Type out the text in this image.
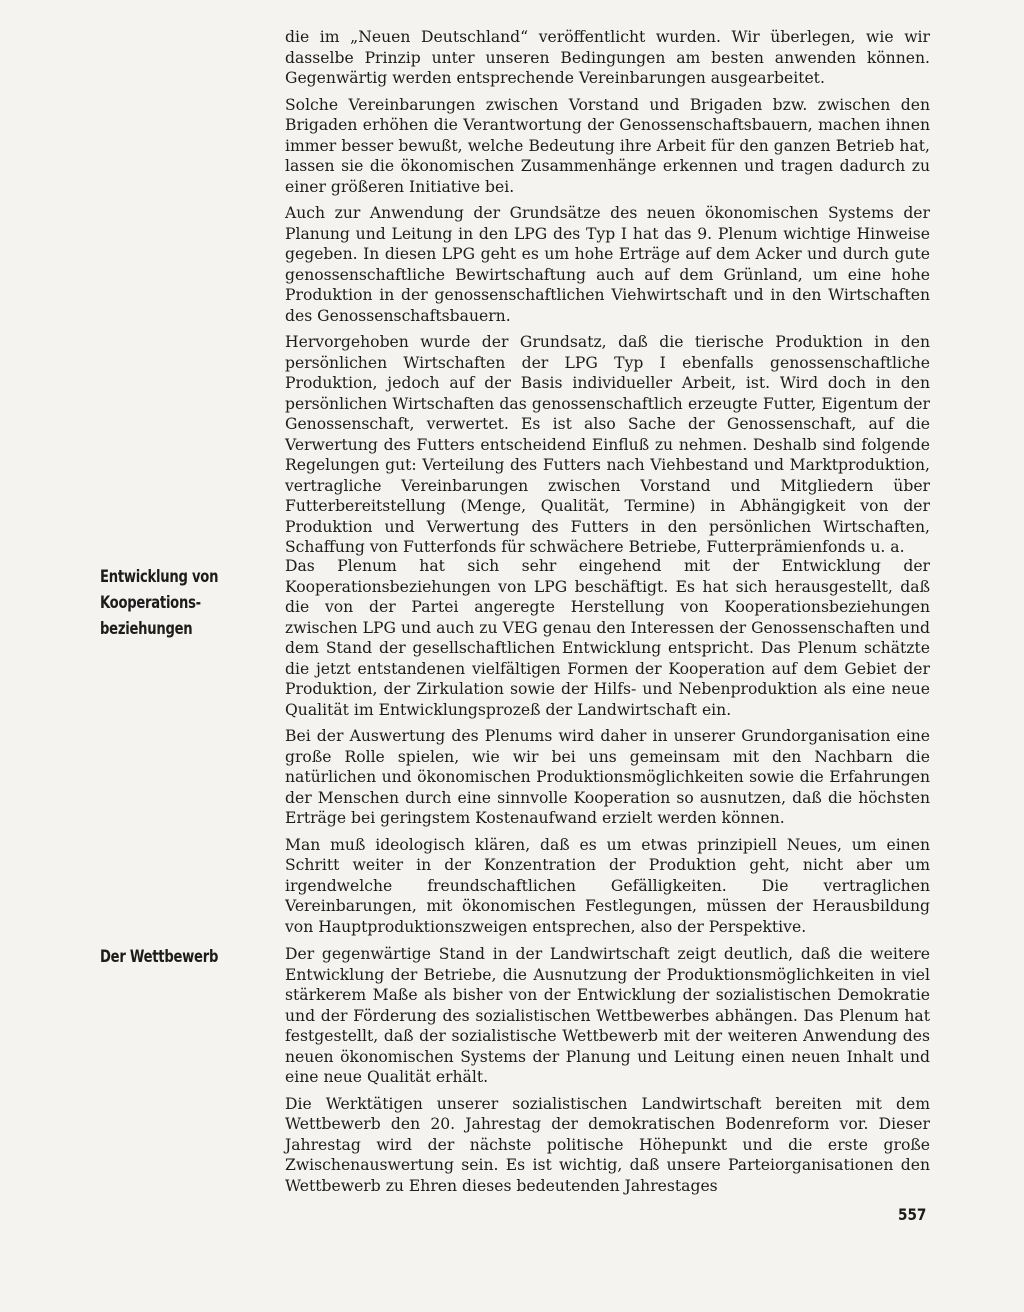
die im „Neuen Deutschland“ veröffentlicht wurden. Wir überlegen, wie wir dasselbe Prinzip unter unseren Bedingungen am besten anwenden können. Gegenwärtig werden entsprechende Vereinbarungen ausgearbeitet.

Solche Vereinbarungen zwischen Vorstand und Brigaden bzw. zwischen den Brigaden erhöhen die Verantwortung der Genossenschaftsbauern, machen ihnen immer besser bewußt, welche Bedeutung ihre Arbeit für den ganzen Betrieb hat, lassen sie die ökonomischen Zusammenhänge erkennen und tragen dadurch zu einer größeren Initiative bei.

Auch zur Anwendung der Grundsätze des neuen ökonomischen Systems der Planung und Leitung in den LPG des Typ I hat das 9. Plenum wichtige Hinweise gegeben. In diesen LPG geht es um hohe Erträge auf dem Acker und durch gute genossenschaftliche Bewirtschaftung auch auf dem Grünland, um eine hohe Produktion in der genossenschaftlichen Viehwirtschaft und in den Wirtschaften des Genossenschaftsbauern.

Hervorgehoben wurde der Grundsatz, daß die tierische Produktion in den persönlichen Wirtschaften der LPG Typ I ebenfalls genossenschaftliche Produktion, jedoch auf der Basis individueller Arbeit, ist. Wird doch in den persönlichen Wirtschaften das genossenschaftlich erzeugte Futter, Eigentum der Genossenschaft, verwertet. Es ist also Sache der Genossenschaft, auf die Verwertung des Futters entscheidend Einfluß zu nehmen. Deshalb sind folgende Regelungen gut: Verteilung des Futters nach Viehbestand und Marktproduktion, vertragliche Vereinbarungen zwischen Vorstand und Mitgliedern über Futterbereitstellung (Menge, Qualität, Termine) in Abhängigkeit von der Produktion und Verwertung des Futters in den persönlichen Wirtschaften, Schaffung von Futterfonds für schwächere Betriebe, Futterprämienfonds u. a.

Entwicklung von
Kooperations-
beziehungen

Das Plenum hat sich sehr eingehend mit der Entwicklung der Kooperationsbeziehungen von LPG beschäftigt. Es hat sich herausgestellt, daß die von der Partei angeregte Herstellung von Kooperationsbeziehungen zwischen LPG und auch zu VEG genau den Interessen der Genossenschaften und dem Stand der gesellschaftlichen Entwicklung entspricht. Das Plenum schätzte die jetzt entstandenen vielfältigen Formen der Kooperation auf dem Gebiet der Produktion, der Zirkulation sowie der Hilfs- und Nebenproduktion als eine neue Qualität im Entwicklungsprozeß der Landwirtschaft ein.

Bei der Auswertung des Plenums wird daher in unserer Grundorganisation eine große Rolle spielen, wie wir bei uns gemeinsam mit den Nachbarn die natürlichen und ökonomischen Produktionsmöglichkeiten sowie die Erfahrungen der Menschen durch eine sinnvolle Kooperation so ausnutzen, daß die höchsten Erträge bei geringstem Kostenaufwand erzielt werden können.

Man muß ideologisch klären, daß es um etwas prinzipiell Neues, um einen Schritt weiter in der Konzentration der Produktion geht, nicht aber um irgendwelche freundschaftlichen Gefälligkeiten. Die vertraglichen Vereinbarungen, mit ökonomischen Festlegungen, müssen der Herausbildung von Hauptproduktionszweigen entsprechen, also der Perspektive.

Der Wettbewerb	Der gegenwärtige Stand in der Landwirtschaft zeigt deutlich, daß die weitere Entwicklung der Betriebe, die Ausnutzung der Produktionsmöglichkeiten in viel stärkerem Maße als bisher von der Entwicklung der sozialistischen Demokratie und der Förderung des sozialistischen Wettbewerbes abhängen. Das Plenum hat festgestellt, daß der sozialistische Wettbewerb mit der weiteren Anwendung des neuen ökonomischen Systems der Planung und Leitung einen neuen Inhalt und eine neue Qualität erhält.

Die Werktätigen unserer sozialistischen Landwirtschaft bereiten mit dem Wettbewerb den 20. Jahrestag der demokratischen Bodenreform vor. Dieser Jahrestag wird der nächste politische Höhepunkt und die erste große Zwischenauswertung sein. Es ist wichtig, daß unsere Parteiorganisationen den Wettbewerb zu Ehren dieses bedeutenden Jahrestages

557
